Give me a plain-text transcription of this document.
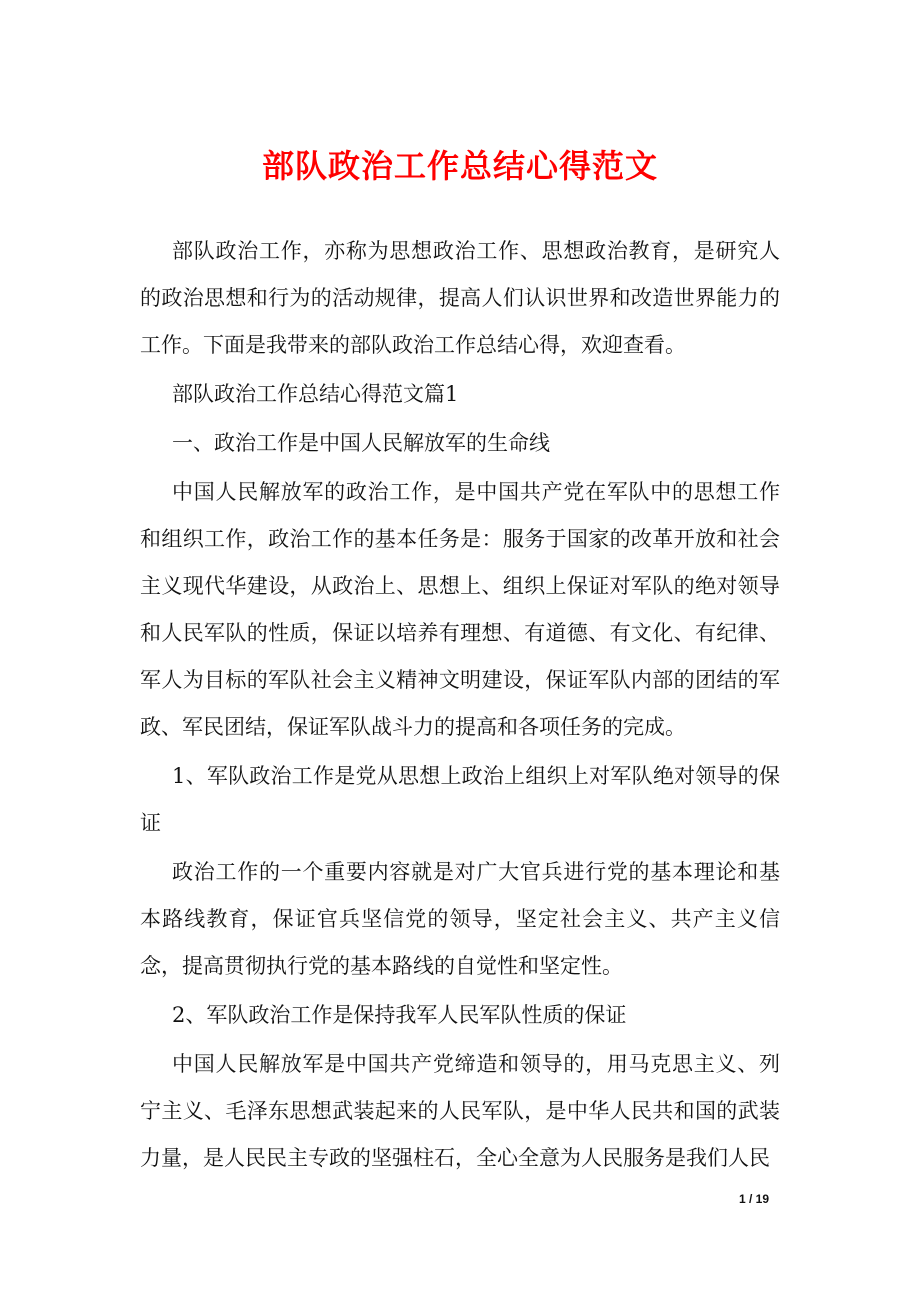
部队政治工作总结心得范文

部队政治工作，亦称为思想政治工作、思想政治教育，是研究人的政治思想和行为的活动规律，提高人们认识世界和改造世界能力的工作。下面是我带来的部队政治工作总结心得，欢迎查看。

部队政治工作总结心得范文篇1

一、政治工作是中国人民解放军的生命线

中国人民解放军的政治工作，是中国共产党在军队中的思想工作和组织工作，政治工作的基本任务是：服务于国家的改革开放和社会主义现代华建设，从政治上、思想上、组织上保证对军队的绝对领导和人民军队的性质，保证以培养有理想、有道德、有文化、有纪律、军人为目标的军队社会主义精神文明建设，保证军队内部的团结的军政、军民团结，保证军队战斗力的提高和各项任务的完成。

1、军队政治工作是党从思想上政治上组织上对军队绝对领导的保证

政治工作的一个重要内容就是对广大官兵进行党的基本理论和基本路线教育，保证官兵坚信党的领导，坚定社会主义、共产主义信念，提高贯彻执行党的基本路线的自觉性和坚定性。

2、军队政治工作是保持我军人民军队性质的保证

中国人民解放军是中国共产党缔造和领导的，用马克思主义、列宁主义、毛泽东思想武装起来的人民军队，是中华人民共和国的武装力量，是人民民主专政的坚强柱石，全心全意为人民服务是我们人民

1 / 19
